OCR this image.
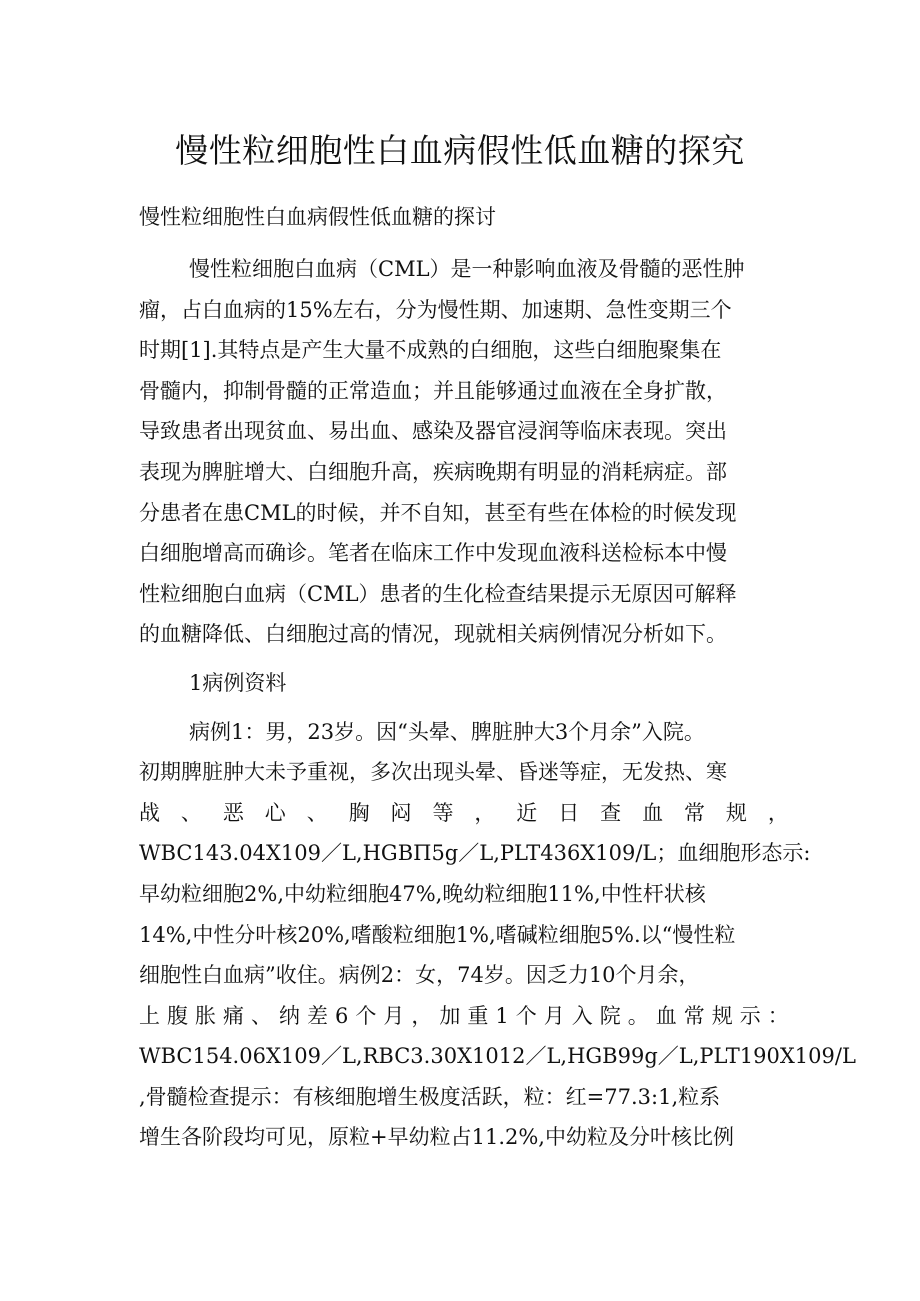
慢性粒细胞性白血病假性低血糖的探究
慢性粒细胞性白血病假性低血糖的探讨
慢性粒细胞白血病（CML）是一种影响血液及骨髓的恶性肿
瘤，占白血病的15%左右，分为慢性期、加速期、急性变期三个
时期[1].其特点是产生大量不成熟的白细胞，这些白细胞聚集在
骨髓内，抑制骨髓的正常造血；并且能够通过血液在全身扩散，
导致患者出现贫血、易出血、感染及器官浸润等临床表现。突出
表现为脾脏增大、白细胞升高，疾病晚期有明显的消耗病症。部
分患者在患CML的时候，并不自知，甚至有些在体检的时候发现
白细胞增高而确诊。笔者在临床工作中发现血液科送检标本中慢
性粒细胞白血病（CML）患者的生化检查结果提示无原因可解释
的血糖降低、白细胞过高的情况，现就相关病例情况分析如下。
1病例资料
病例1：男，23岁。因“头晕、脾脏肿大3个月余”入院。
初期脾脏肿大未予重视，多次出现头晕、昏迷等症，无发热、寒
战 、 恶 心 、 胸 闷 等 ， 近 日 查 血 常 规 ，
WBC143.04X109／L,HGBΠ5g／L,PLT436X109/L；血细胞形态示:
早幼粒细胞2%,中幼粒细胞47%,晚幼粒细胞11%,中性杆状核
14%,中性分叶核20%,嗜酸粒细胞1%,嗜碱粒细胞5%.以“慢性粒
细胞性白血病”收住。病例2：女，74岁。因乏力10个月余，
上 腹 胀 痛 、 纳 差 6 个 月 ， 加 重 1 个 月 入 院 。 血 常 规 示 ：
WBC154.06X109／L,RBC3.30X1012／L,HGB99g／L,PLT190X109/L
,骨髓检查提示：有核细胞增生极度活跃，粒：红=77.3:1,粒系
增生各阶段均可见，原粒+早幼粒占11.2%,中幼粒及分叶核比例
